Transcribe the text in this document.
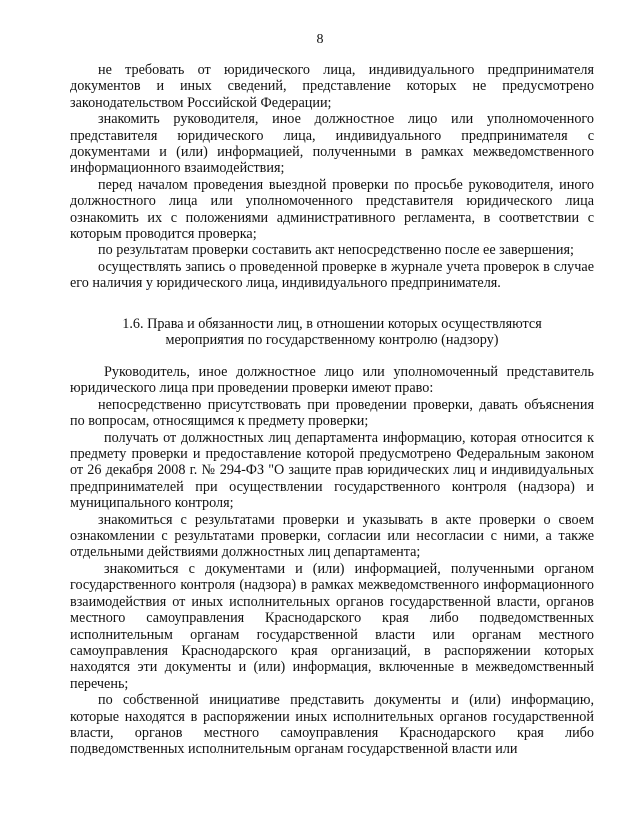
8

не требовать от юридического лица, индивидуального предпринимателя документов и иных сведений, представление которых не предусмотрено законодательством Российской Федерации;

знакомить руководителя, иное должностное лицо или уполномоченного представителя юридического лица, индивидуального предпринимателя с документами и (или) информацией, полученными в рамках межведомственного информационного взаимодействия;

перед началом проведения выездной проверки по просьбе руководителя, иного должностного лица или уполномоченного представителя юридического лица ознакомить их с положениями административного регламента, в соответствии с которым проводится проверка;

по результатам проверки составить акт непосредственно после ее завершения;

осуществлять запись о проведенной проверке в журнале учета проверок в случае его наличия у юридического лица, индивидуального предпринимателя.

1.6. Права и обязанности лиц, в отношении которых осуществляются

мероприятия по государственному контролю (надзору)

Руководитель, иное должностное лицо или уполномоченный представитель юридического лица при проведении проверки имеют право:

непосредственно присутствовать при проведении проверки, давать объяснения по вопросам, относящимся к предмету проверки;

получать от должностных лиц департамента информацию, которая относится к предмету проверки и предоставление которой предусмотрено Федеральным законом от 26 декабря 2008 г. № 294-ФЗ "О защите прав юридических лиц и индивидуальных предпринимателей при осуществлении государственного контроля (надзора) и муниципального контроля;

знакомиться с результатами проверки и указывать в акте проверки о своем ознакомлении с результатами проверки, согласии или несогласии с ними, а также отдельными действиями должностных лиц департамента;

знакомиться с документами и (или) информацией, полученными органом государственного контроля (надзора) в рамках межведомственного информационного взаимодействия от иных исполнительных органов государственной власти, органов местного самоуправления Краснодарского края либо подведомственных исполнительным органам государственной власти или органам местного самоуправления Краснодарского края организаций, в распоряжении которых находятся эти документы и (или) информация, включенные в межведомственный перечень;

по собственной инициативе представить документы и (или) информацию, которые находятся в распоряжении иных исполнительных органов государственной власти, органов местного самоуправления Краснодарского края либо подведомственных исполнительным органам государственной власти или
